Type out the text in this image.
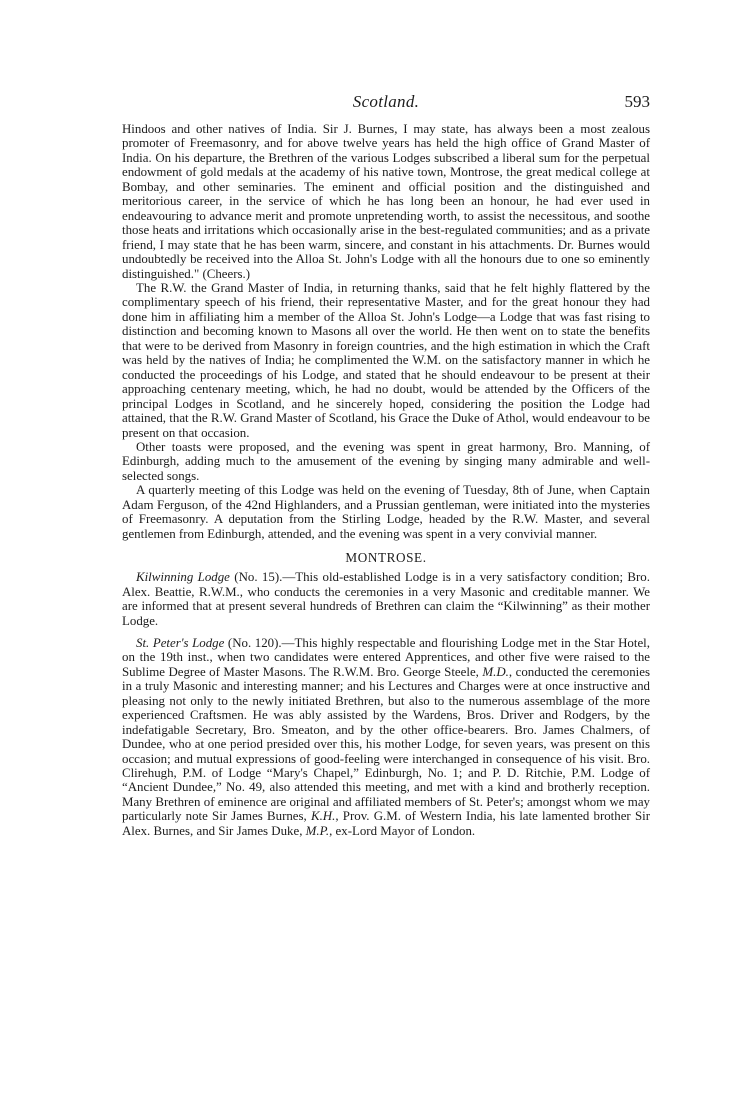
Scotland.	593

Hindoos and other natives of India. Sir J. Burnes, I may state, has always been a most zealous promoter of Freemasonry, and for above twelve years has held the high office of Grand Master of India. On his departure, the Brethren of the various Lodges subscribed a liberal sum for the perpetual endowment of gold medals at the academy of his native town, Montrose, the great medical college at Bombay, and other seminaries. The eminent and official position and the distinguished and meritorious career, in the service of which he has long been an honour, he had ever used in endeavouring to advance merit and promote unpretending worth, to assist the necessitous, and soothe those heats and irritations which occasionally arise in the best-regulated communities; and as a private friend, I may state that he has been warm, sincere, and constant in his attachments. Dr. Burnes would undoubtedly be received into the Alloa St. John's Lodge with all the honours due to one so eminently distinguished." (Cheers.)

The R.W. the Grand Master of India, in returning thanks, said that he felt highly flattered by the complimentary speech of his friend, their representative Master, and for the great honour they had done him in affiliating him a member of the Alloa St. John's Lodge—a Lodge that was fast rising to distinction and becoming known to Masons all over the world. He then went on to state the benefits that were to be derived from Masonry in foreign countries, and the high estimation in which the Craft was held by the natives of India; he complimented the W.M. on the satisfactory manner in which he conducted the proceedings of his Lodge, and stated that he should endeavour to be present at their approaching centenary meeting, which, he had no doubt, would be attended by the Officers of the principal Lodges in Scotland, and he sincerely hoped, considering the position the Lodge had attained, that the R.W. Grand Master of Scotland, his Grace the Duke of Athol, would endeavour to be present on that occasion.

Other toasts were proposed, and the evening was spent in great harmony, Bro. Manning, of Edinburgh, adding much to the amusement of the evening by singing many admirable and well-selected songs.

A quarterly meeting of this Lodge was held on the evening of Tuesday, 8th of June, when Captain Adam Ferguson, of the 42nd Highlanders, and a Prussian gentleman, were initiated into the mysteries of Freemasonry. A deputation from the Stirling Lodge, headed by the R.W. Master, and several gentlemen from Edinburgh, attended, and the evening was spent in a very convivial manner.

MONTROSE.

Kilwinning Lodge (No. 15).—This old-established Lodge is in a very satisfactory condition; Bro. Alex. Beattie, R.W.M., who conducts the ceremonies in a very Masonic and creditable manner. We are informed that at present several hundreds of Brethren can claim the “Kilwinning” as their mother Lodge.

St. Peter's Lodge (No. 120).—This highly respectable and flourishing Lodge met in the Star Hotel, on the 19th inst., when two candidates were entered Apprentices, and other five were raised to the Sublime Degree of Master Masons. The R.W.M. Bro. George Steele, M.D., conducted the ceremonies in a truly Masonic and interesting manner; and his Lectures and Charges were at once instructive and pleasing not only to the newly initiated Brethren, but also to the numerous assemblage of the more experienced Craftsmen. He was ably assisted by the Wardens, Bros. Driver and Rodgers, by the indefatigable Secretary, Bro. Smeaton, and by the other office-bearers. Bro. James Chalmers, of Dundee, who at one period presided over this, his mother Lodge, for seven years, was present on this occasion; and mutual expressions of good-feeling were interchanged in consequence of his visit. Bro. Clirehugh, P.M. of Lodge “Mary's Chapel,” Edinburgh, No. 1; and P. D. Ritchie, P.M. Lodge of “Ancient Dundee,” No. 49, also attended this meeting, and met with a kind and brotherly reception. Many Brethren of eminence are original and affiliated members of St. Peter's; amongst whom we may particularly note Sir James Burnes, K.H., Prov. G.M. of Western India, his late lamented brother Sir Alex. Burnes, and Sir James Duke, M.P., ex-Lord Mayor of London.
